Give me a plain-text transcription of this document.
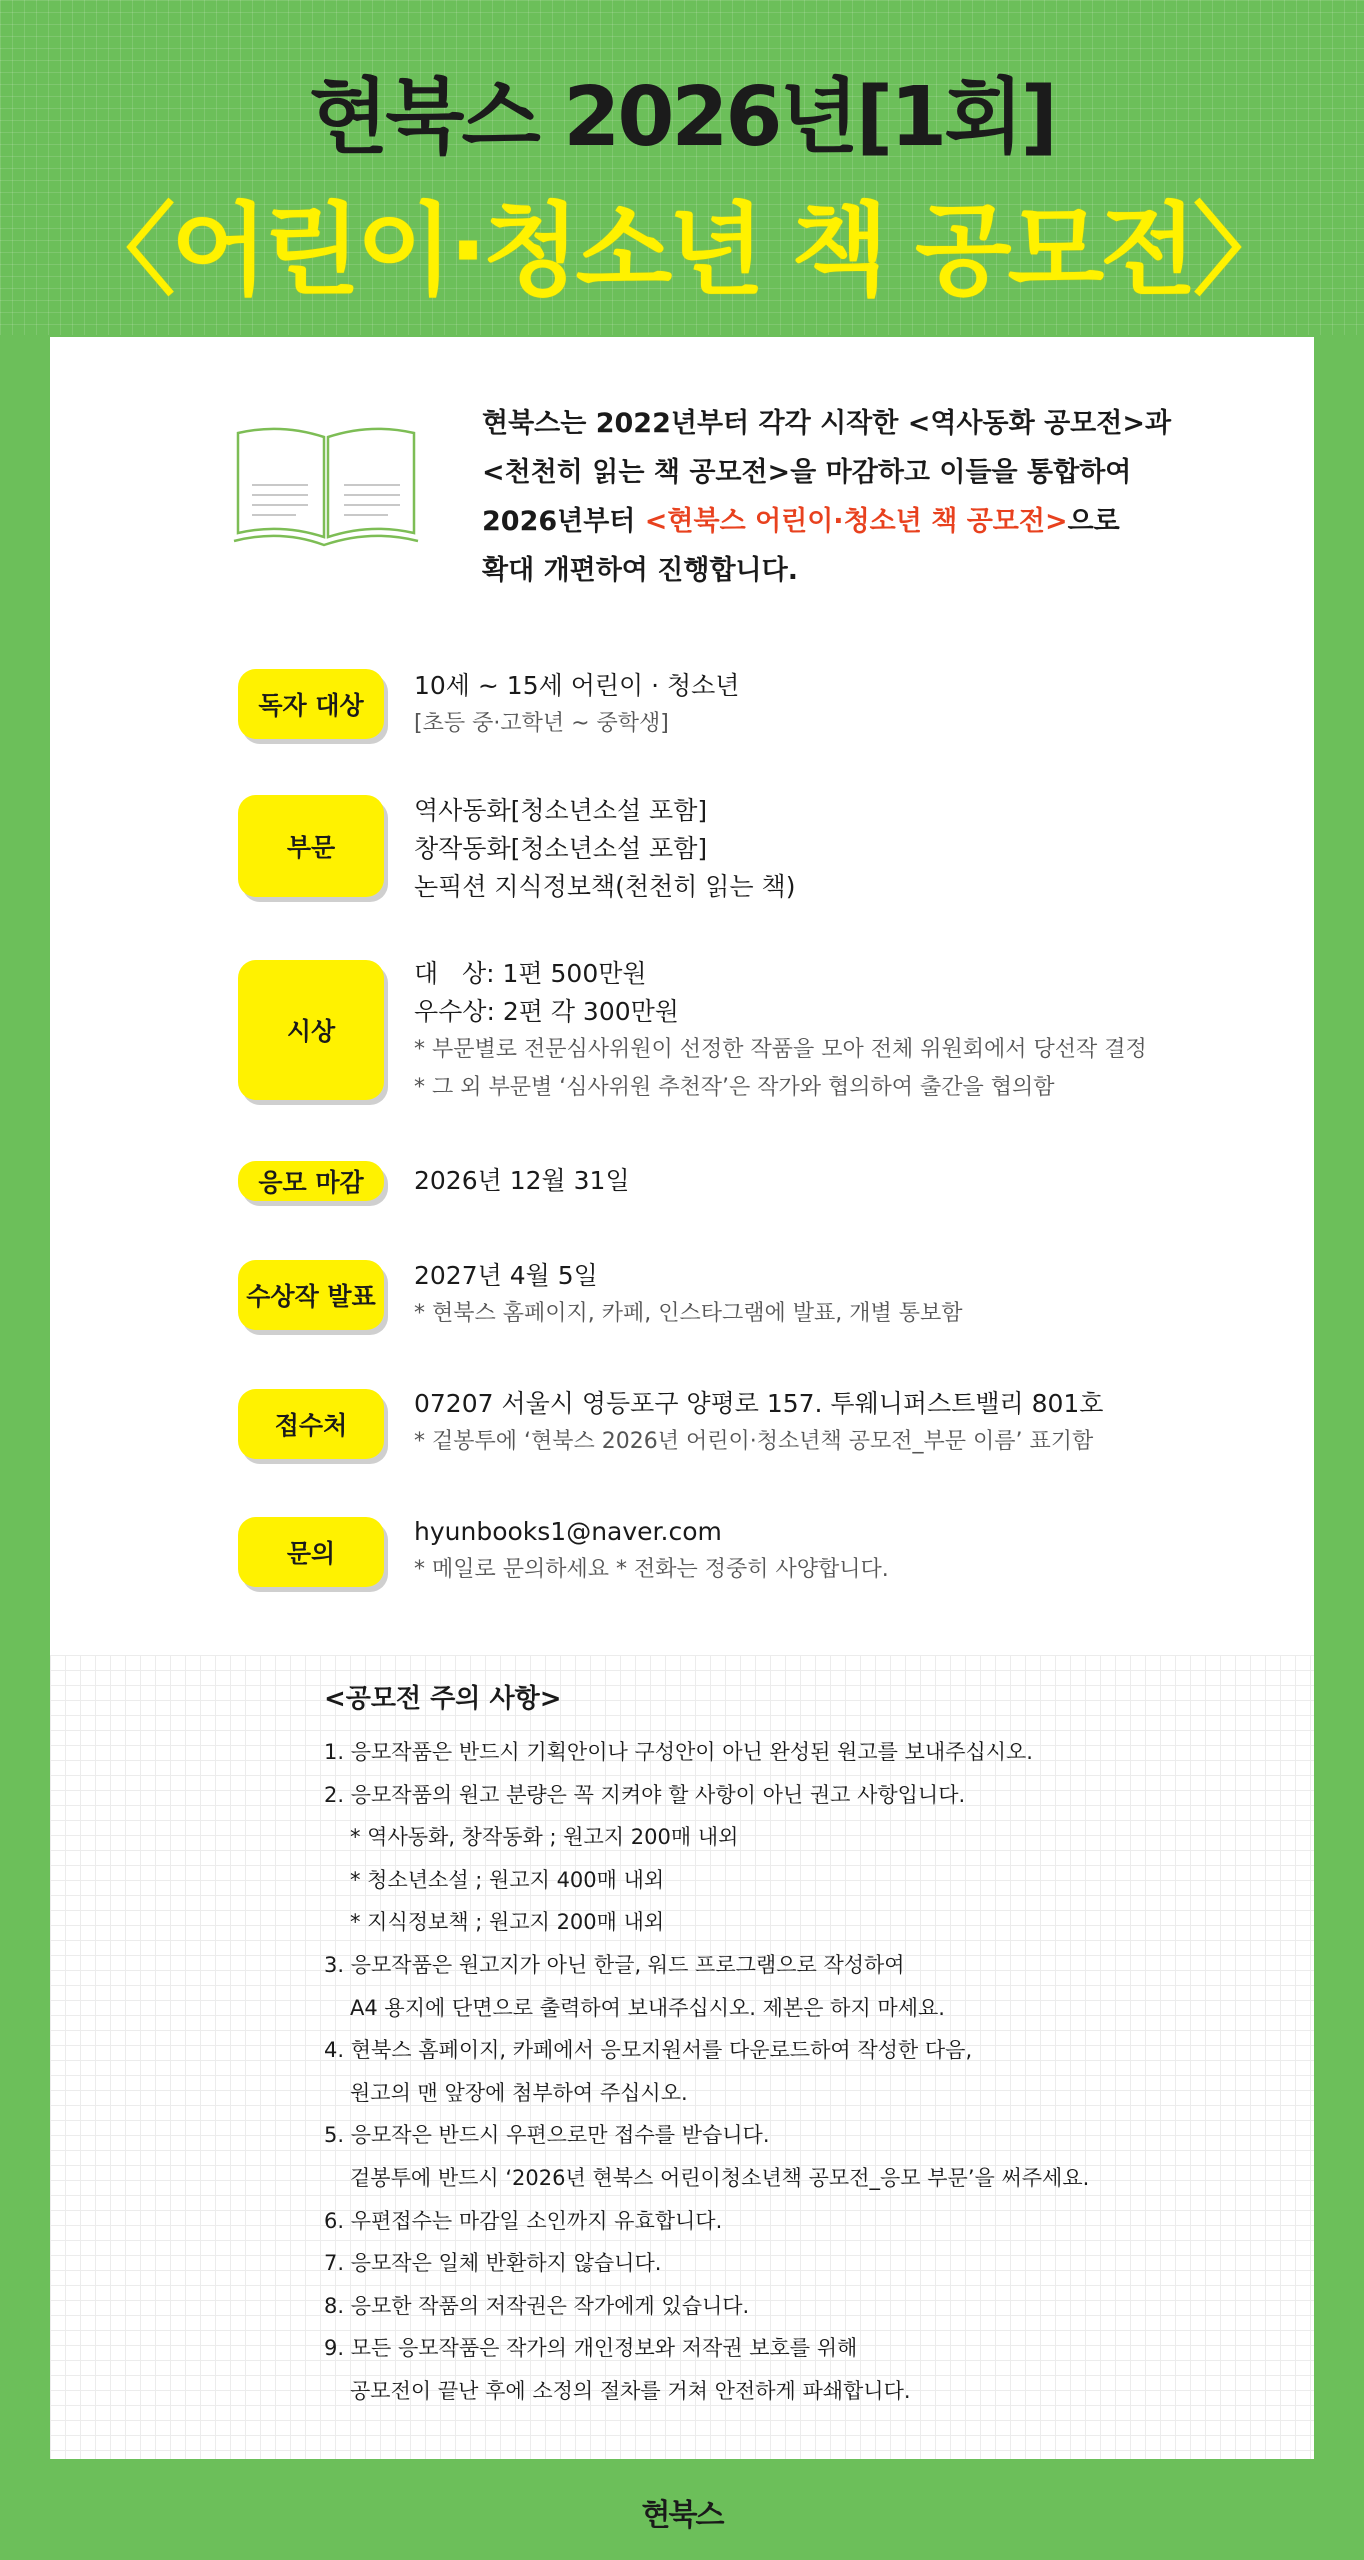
현북스 2026년[1회]
〈어린이·청소년 책 공모전〉

현북스는 2022년부터 각각 시작한 <역사동화 공모전>과

<천천히 읽는 책 공모전>을 마감하고 이들을 통합하여

2026년부터 <현북스 어린이·청소년 책 공모전>으로

확대 개편하여 진행합니다.

독자 대상

10세 ~ 15세 어린이 · 청소년

[초등 중·고학년 ~ 중학생]

부문

역사동화[청소년소설 포함]

창작동화[청소년소설 포함]

논픽션 지식정보책(천천히 읽는 책)

시상

대   상: 1편 500만원

우수상: 2편 각 300만원

* 부문별로 전문심사위원이 선정한 작품을 모아 전체 위원회에서 당선작 결정

* 그 외 부문별 ‘심사위원 추천작’은 작가와 협의하여 출간을 협의함

응모 마감	2026년 12월 31일

수상작 발표

2027년 4월 5일

* 현북스 홈페이지, 카페, 인스타그램에 발표, 개별 통보함

접수처

07207 서울시 영등포구 양평로 157. 투웨니퍼스트밸리 801호

* 겉봉투에 ‘현북스 2026년 어린이·청소년책 공모전_부문 이름’ 표기함

문의

hyunbooks1@naver.com

* 메일로 문의하세요 * 전화는 정중히 사양합니다.

<공모전 주의 사항>

1. 응모작품은 반드시 기획안이나 구성안이 아닌 완성된 원고를 보내주십시오.

2. 응모작품의 원고 분량은 꼭 지켜야 할 사항이 아닌 권고 사항입니다.

* 역사동화, 창작동화 ; 원고지 200매 내외

* 청소년소설 ; 원고지 400매 내외

* 지식정보책 ; 원고지 200매 내외

3. 응모작품은 원고지가 아닌 한글, 워드 프로그램으로 작성하여

A4 용지에 단면으로 출력하여 보내주십시오. 제본은 하지 마세요.

4. 현북스 홈페이지, 카페에서 응모지원서를 다운로드하여 작성한 다음,

원고의 맨 앞장에 첨부하여 주십시오.

5. 응모작은 반드시 우편으로만 접수를 받습니다.

겉봉투에 반드시 ‘2026년 현북스 어린이청소년책 공모전_응모 부문’을 써주세요.

6. 우편접수는 마감일 소인까지 유효합니다.

7. 응모작은 일체 반환하지 않습니다.

8. 응모한 작품의 저작권은 작가에게 있습니다.

9. 모든 응모작품은 작가의 개인정보와 저작권 보호를 위해

공모전이 끝난 후에 소정의 절차를 거쳐 안전하게 파쇄합니다.

현북스
